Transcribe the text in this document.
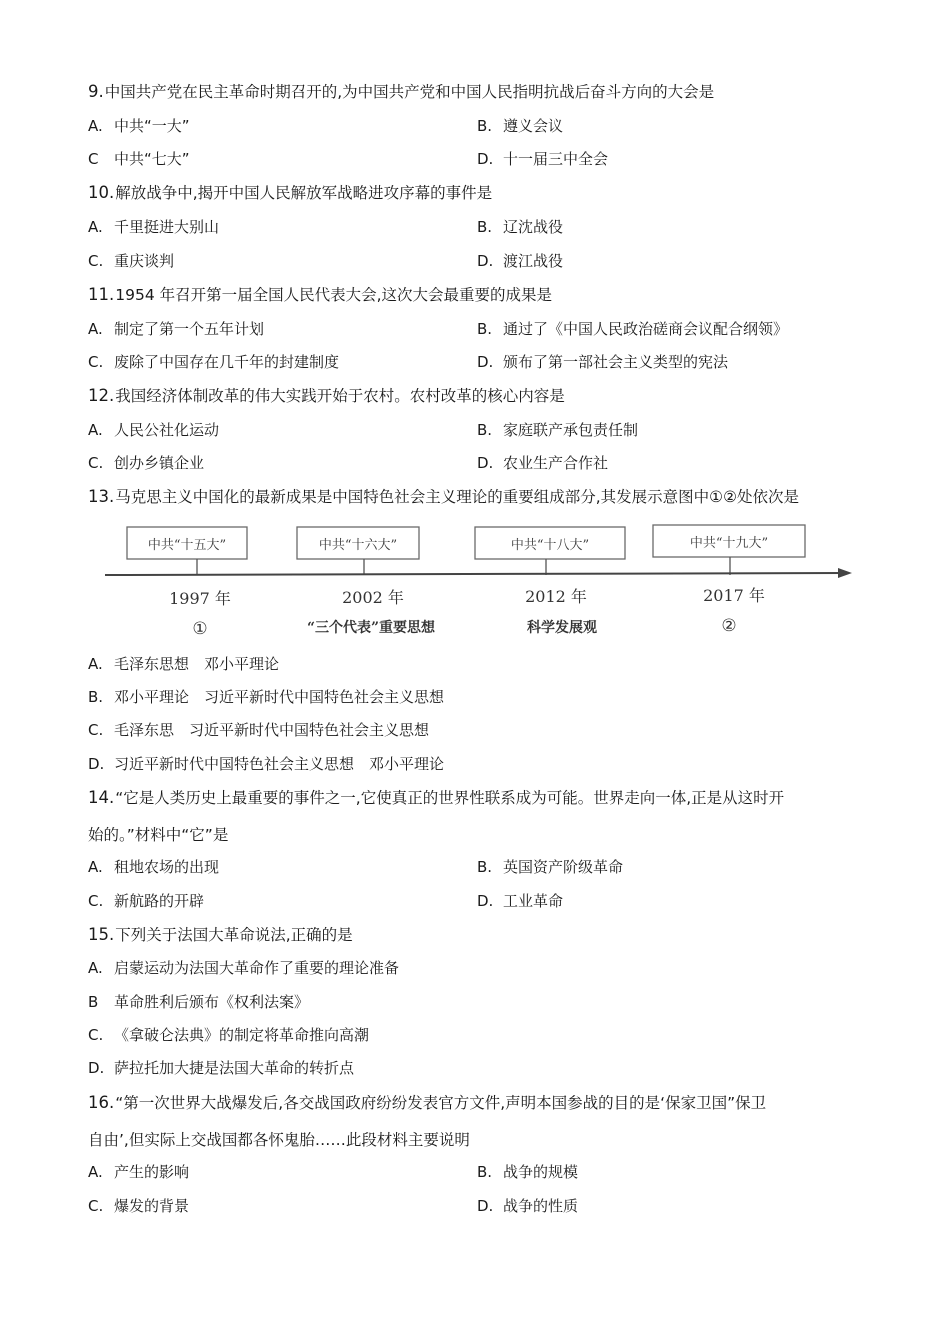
9.中国共产党在民主革命时期召开的,为中国共产党和中国人民指明抗战后奋斗方向的大会是
A. 中共“一大”	B. 遵义会议
C 中共“七大”	D. 十一届三中全会
10.解放战争中,揭开中国人民解放军战略进攻序幕的事件是
A. 千里挺进大别山	B. 辽沈战役
C. 重庆谈判	D. 渡江战役
11.1954 年召开第一届全国人民代表大会,这次大会最重要的成果是
A. 制定了第一个五年计划	B. 通过了《中国人民政治磋商会议配合纲领》
C. 废除了中国存在几千年的封建制度	D. 颁布了第一部社会主义类型的宪法
12.我国经济体制改革的伟大实践开始于农村。农村改革的核心内容是
A. 人民公社化运动	B. 家庭联产承包责任制
C. 创办乡镇企业	D. 农业生产合作社
13.马克思主义中国化的最新成果是中国特色社会主义理论的重要组成部分,其发展示意图中①②处依次是
中共“十五大”	中共“十六大”	中共“十八大”	中共“十九大”
1997 年	2002 年	2012 年	2017 年
①	“三个代表”重要思想	科学发展观	②
A. 毛泽东思想　邓小平理论
B. 邓小平理论　习近平新时代中国特色社会主义思想
C. 毛泽东思　习近平新时代中国特色社会主义思想
D. 习近平新时代中国特色社会主义思想　邓小平理论
14.“它是人类历史上最重要的事件之一,它使真正的世界性联系成为可能。世界走向一体,正是从这时开
始的。”材料中“它”是
A. 租地农场的出现	B. 英国资产阶级革命
C. 新航路的开辟	D. 工业革命
15.下列关于法国大革命说法,正确的是
A. 启蒙运动为法国大革命作了重要的理论准备
B 革命胜利后颁布《权利法案》
C. 《拿破仑法典》的制定将革命推向高潮
D. 萨拉托加大捷是法国大革命的转折点
16.“第一次世界大战爆发后,各交战国政府纷纷发表官方文件,声明本国参战的目的是‘保家卫国”保卫
自由’,但实际上交战国都各怀鬼胎……此段材料主要说明
A. 产生的影响	B. 战争的规模
C. 爆发的背景	D. 战争的性质
